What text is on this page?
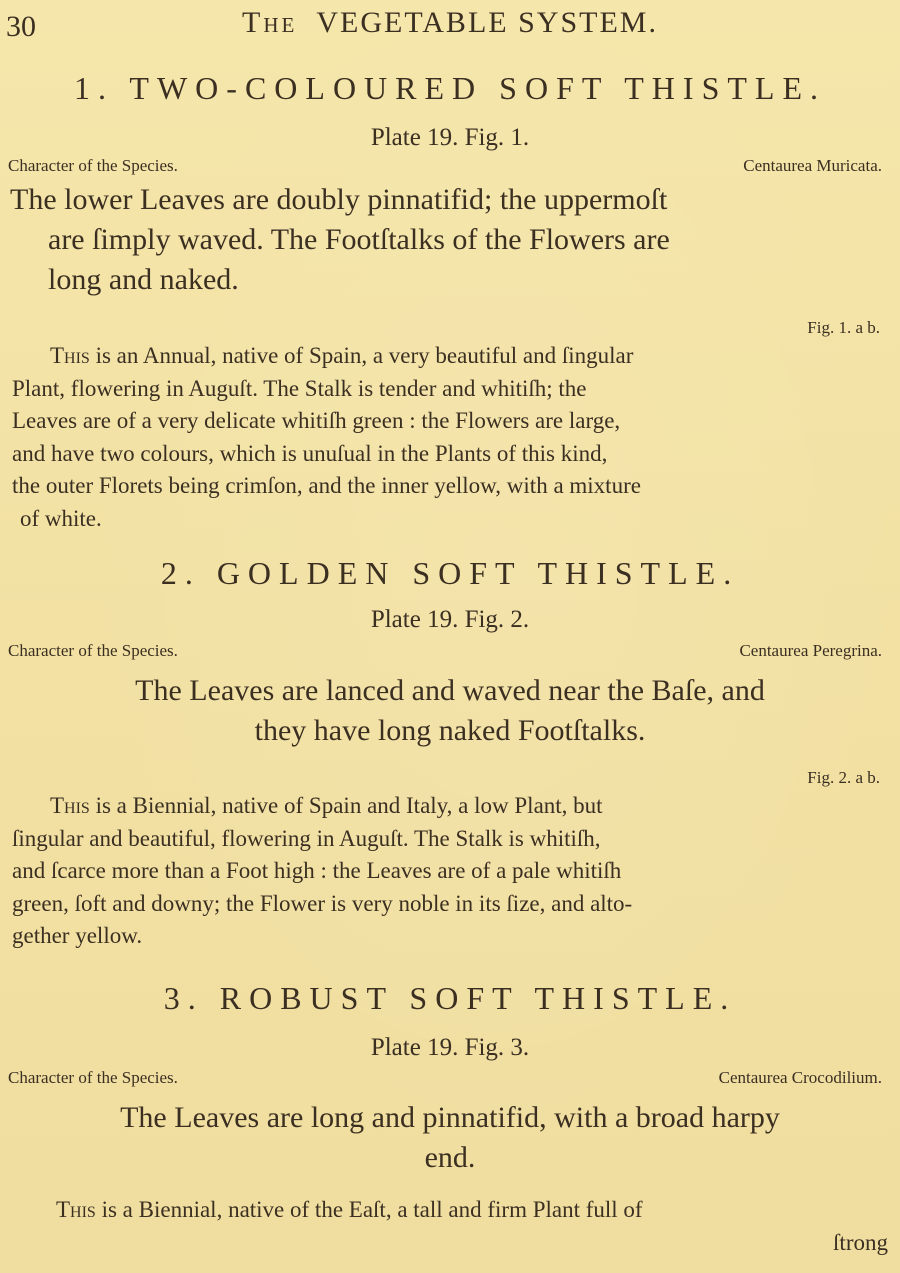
30	The VEGETABLE SYSTEM.
1. TWO-COLOURED SOFT THISTLE.
Plate 19. Fig. 1.
Character of the Species.	Centaurea Muricata.
The lower Leaves are doubly pinnatifid; the uppermoſt
are ſimply waved. The Footſtalks of the Flowers are
long and naked.
Fig. 1. a b.
This is an Annual, native of Spain, a very beautiful and ſingular
Plant, flowering in Auguſt. The Stalk is tender and whitiſh; the
Leaves are of a very delicate whitiſh green : the Flowers are large,
and have two colours, which is unuſual in the Plants of this kind,
the outer Florets being crimſon, and the inner yellow, with a mixture
of white.
2. GOLDEN SOFT THISTLE.
Plate 19. Fig. 2.
Character of the Species.	Centaurea Peregrina.
The Leaves are lanced and waved near the Baſe, and
they have long naked Footſtalks.
Fig. 2. a b.
This is a Biennial, native of Spain and Italy, a low Plant, but
ſingular and beautiful, flowering in Auguſt. The Stalk is whitiſh,
and ſcarce more than a Foot high : the Leaves are of a pale whitiſh
green, ſoft and downy; the Flower is very noble in its ſize, and alto-
gether yellow.
3. ROBUST SOFT THISTLE.
Plate 19. Fig. 3.
Character of the Species.	Centaurea Crocodilium.
The Leaves are long and pinnatifid, with a broad harpy
end.
This is a Biennial, native of the Eaſt, a tall and firm Plant full of
ſtrong
